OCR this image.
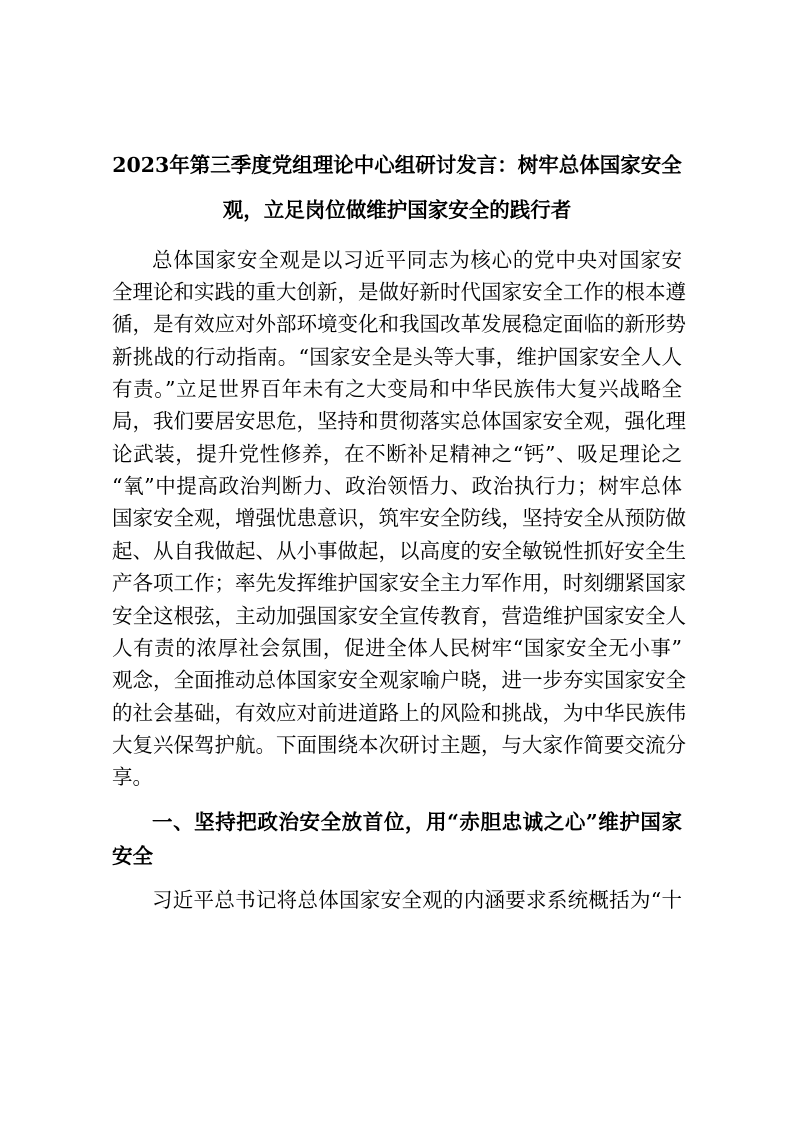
2023年第三季度党组理论中心组研讨发言：树牢总体国家安全
观，立足岗位做维护国家安全的践行者
总体国家安全观是以习近平同志为核心的党中央对国家安
全理论和实践的重大创新，是做好新时代国家安全工作的根本遵
循，是有效应对外部环境变化和我国改革发展稳定面临的新形势
新挑战的行动指南。“国家安全是头等大事，维护国家安全人人
有责。”立足世界百年未有之大变局和中华民族伟大复兴战略全
局，我们要居安思危，坚持和贯彻落实总体国家安全观，强化理
论武装，提升党性修养，在不断补足精神之“钙”、吸足理论之
“氧”中提高政治判断力、政治领悟力、政治执行力；树牢总体
国家安全观，增强忧患意识，筑牢安全防线，坚持安全从预防做
起、从自我做起、从小事做起，以高度的安全敏锐性抓好安全生
产各项工作；率先发挥维护国家安全主力军作用，时刻绷紧国家
安全这根弦，主动加强国家安全宣传教育，营造维护国家安全人
人有责的浓厚社会氛围，促进全体人民树牢“国家安全无小事”
观念，全面推动总体国家安全观家喻户晓，进一步夯实国家安全
的社会基础，有效应对前进道路上的风险和挑战，为中华民族伟
大复兴保驾护航。下面围绕本次研讨主题，与大家作简要交流分
享。
一、坚持把政治安全放首位，用“赤胆忠诚之心”维护国家
安全
习近平总书记将总体国家安全观的内涵要求系统概括为“十
